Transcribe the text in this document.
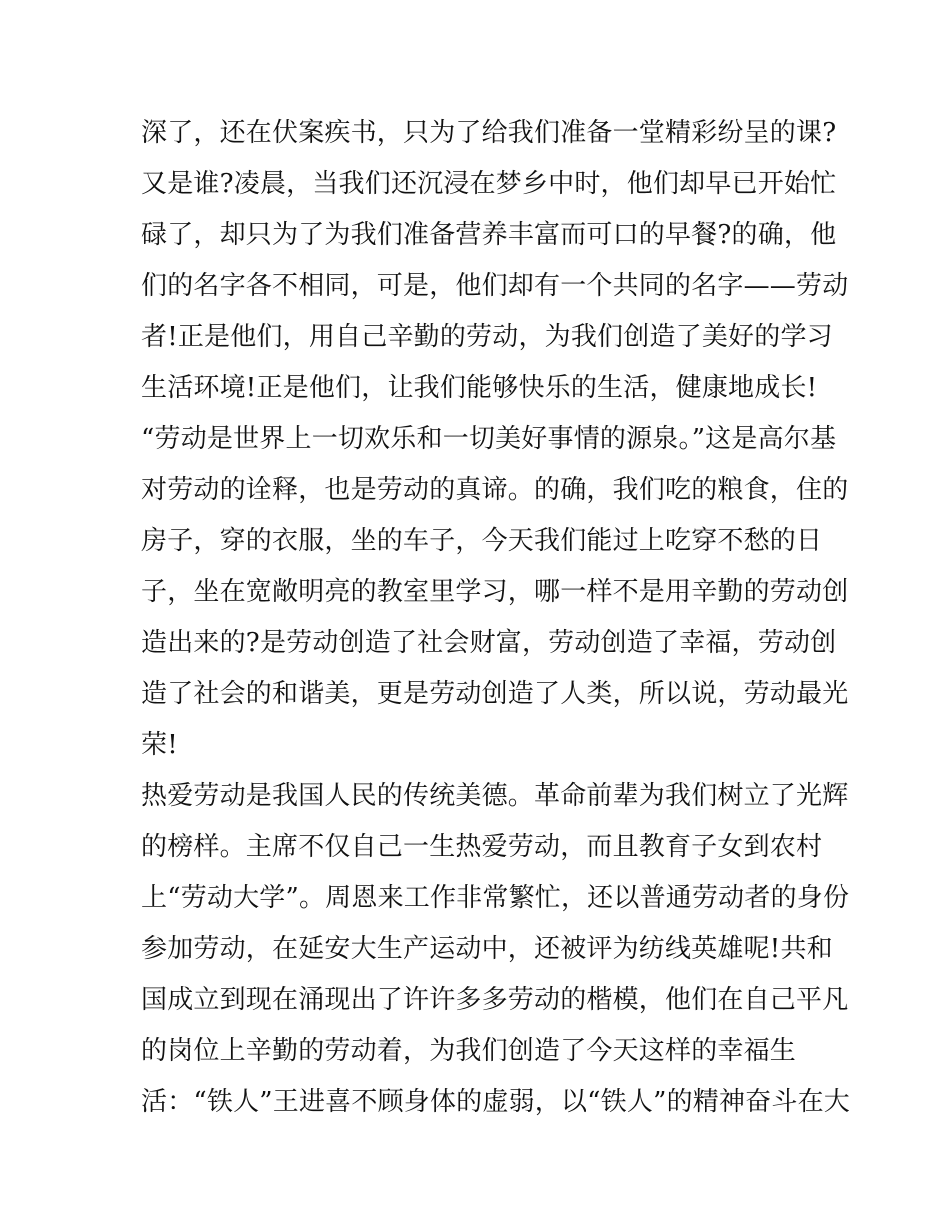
深了，还在伏案疾书，只为了给我们准备一堂精彩纷呈的课?
又是谁?凌晨，当我们还沉浸在梦乡中时，他们却早已开始忙
碌了，却只为了为我们准备营养丰富而可口的早餐?的确，他
们的名字各不相同，可是，他们却有一个共同的名字——劳动
者!正是他们，用自己辛勤的劳动，为我们创造了美好的学习
生活环境!正是他们，让我们能够快乐的生活，健康地成长!
“劳动是世界上一切欢乐和一切美好事情的源泉。”这是高尔基
对劳动的诠释，也是劳动的真谛。的确，我们吃的粮食，住的
房子，穿的衣服，坐的车子，今天我们能过上吃穿不愁的日
子，坐在宽敞明亮的教室里学习，哪一样不是用辛勤的劳动创
造出来的?是劳动创造了社会财富，劳动创造了幸福，劳动创
造了社会的和谐美，更是劳动创造了人类，所以说，劳动最光
荣!
热爱劳动是我国人民的传统美德。革命前辈为我们树立了光辉
的榜样。主席不仅自己一生热爱劳动，而且教育子女到农村
上“劳动大学”。周恩来工作非常繁忙，还以普通劳动者的身份
参加劳动，在延安大生产运动中，还被评为纺线英雄呢!共和
国成立到现在涌现出了许许多多劳动的楷模，他们在自己平凡
的岗位上辛勤的劳动着，为我们创造了今天这样的幸福生
活：“铁人”王进喜不顾身体的虚弱，以“铁人”的精神奋斗在大
